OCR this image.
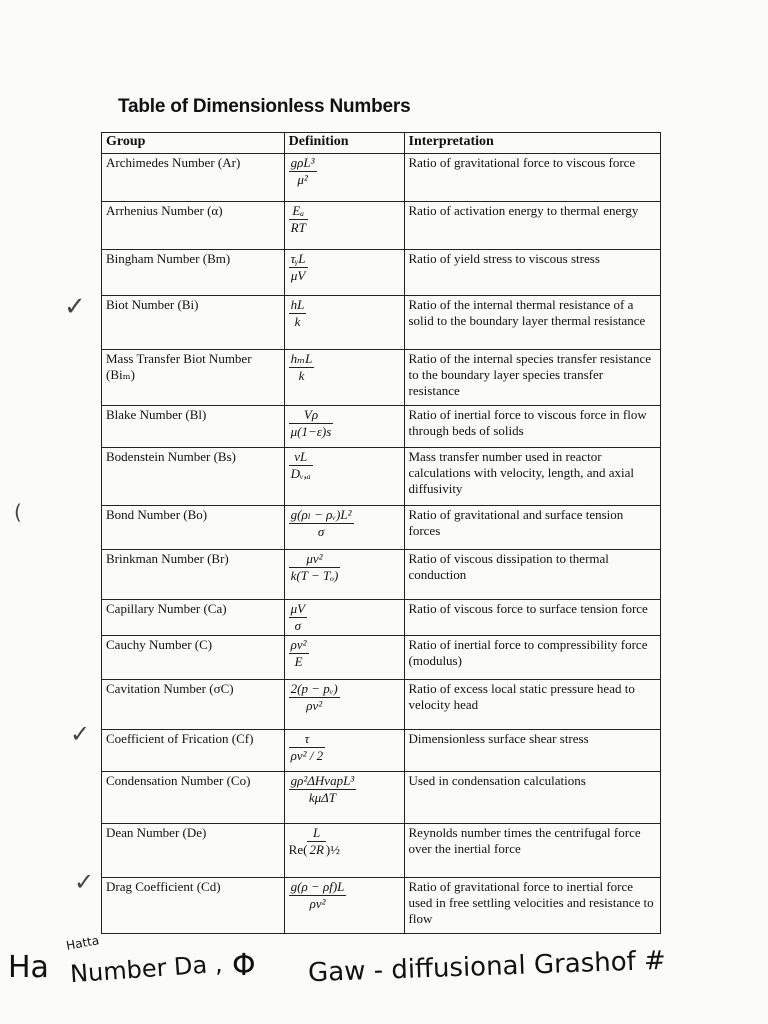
Table of Dimensionless Numbers
Group	Definition	Interpretation
Archimedes Number (Ar)	$\frac{\text{gρL³}}{\text{μ²}}$	Ratio of gravitational force to viscous force
Arrhenius Number (α)	$\frac{\text{Eₐ}}{RT}$	Ratio of activation energy to thermal energy
Bingham Number (Bm)	$\frac{\text{τᵧL}}{\mu V}$	Ratio of yield stress to viscous stress
Biot Number (Bi)	$\frac{hL}{k}$	Ratio of the internal thermal resistance of a solid to the boundary layer thermal resistance
Mass Transfer Biot Number (Biₘ)	$\frac{\text{hₘL}}{k}$	Ratio of the internal species transfer resistance to the boundary layer species transfer resistance
Blake Number (Bl)	$\frac{V\rho}{\mu(1-\varepsilon)s}$	Ratio of inertial force to viscous force in flow through beds of solids
Bodenstein Number (Bs)	$\frac{vL}{\text{Dᵥ,ₐ}}$	Mass transfer number used in reactor calculations with velocity, length, and axial diffusivity
Bond Number (Bo)	$\frac{\text{g(ρₗ − ρᵥ)L²}}{\sigma}$	Ratio of gravitational and surface tension forces
Brinkman Number (Br)	$\frac{\text{μv²}}{\text{k(T − Tₒ)}}$	Ratio of viscous dissipation to thermal conduction
Capillary Number (Ca)	$\frac{\mu V}{\sigma}$	Ratio of viscous force to surface tension force
Cauchy Number (C)	$\frac{\text{ρv²}}{E}$	Ratio of inertial force to compressibility force (modulus)
Cavitation Number (σC)	$\frac{\text{2(p − pᵥ)}}{\text{ρv²}}$	Ratio of excess local static pressure head to velocity head
Coefficient of Frication (Cf)	$\frac{\tau}{\text{ρv² / 2}}$	Dimensionless surface shear stress
Condensation Number (Co)	$\frac{\text{gρ²ΔHvapL³}}{\text{kμΔT}}$	Used in condensation calculations
Dean Number (De)	$Re( \frac{L}{2R}$ )½	Reynolds number times the centrifugal force over the inertial force
Drag Coefficient (Cd)	$\frac{g(\rho - \rho f)L}{\text{ρv²}}$	Ratio of gravitational force to inertial force used in free settling velocities and resistance to flow
✓
✓
✓
(
Ha
Hatta
Number Da , Φ Gaw - diffusional Grashof #
